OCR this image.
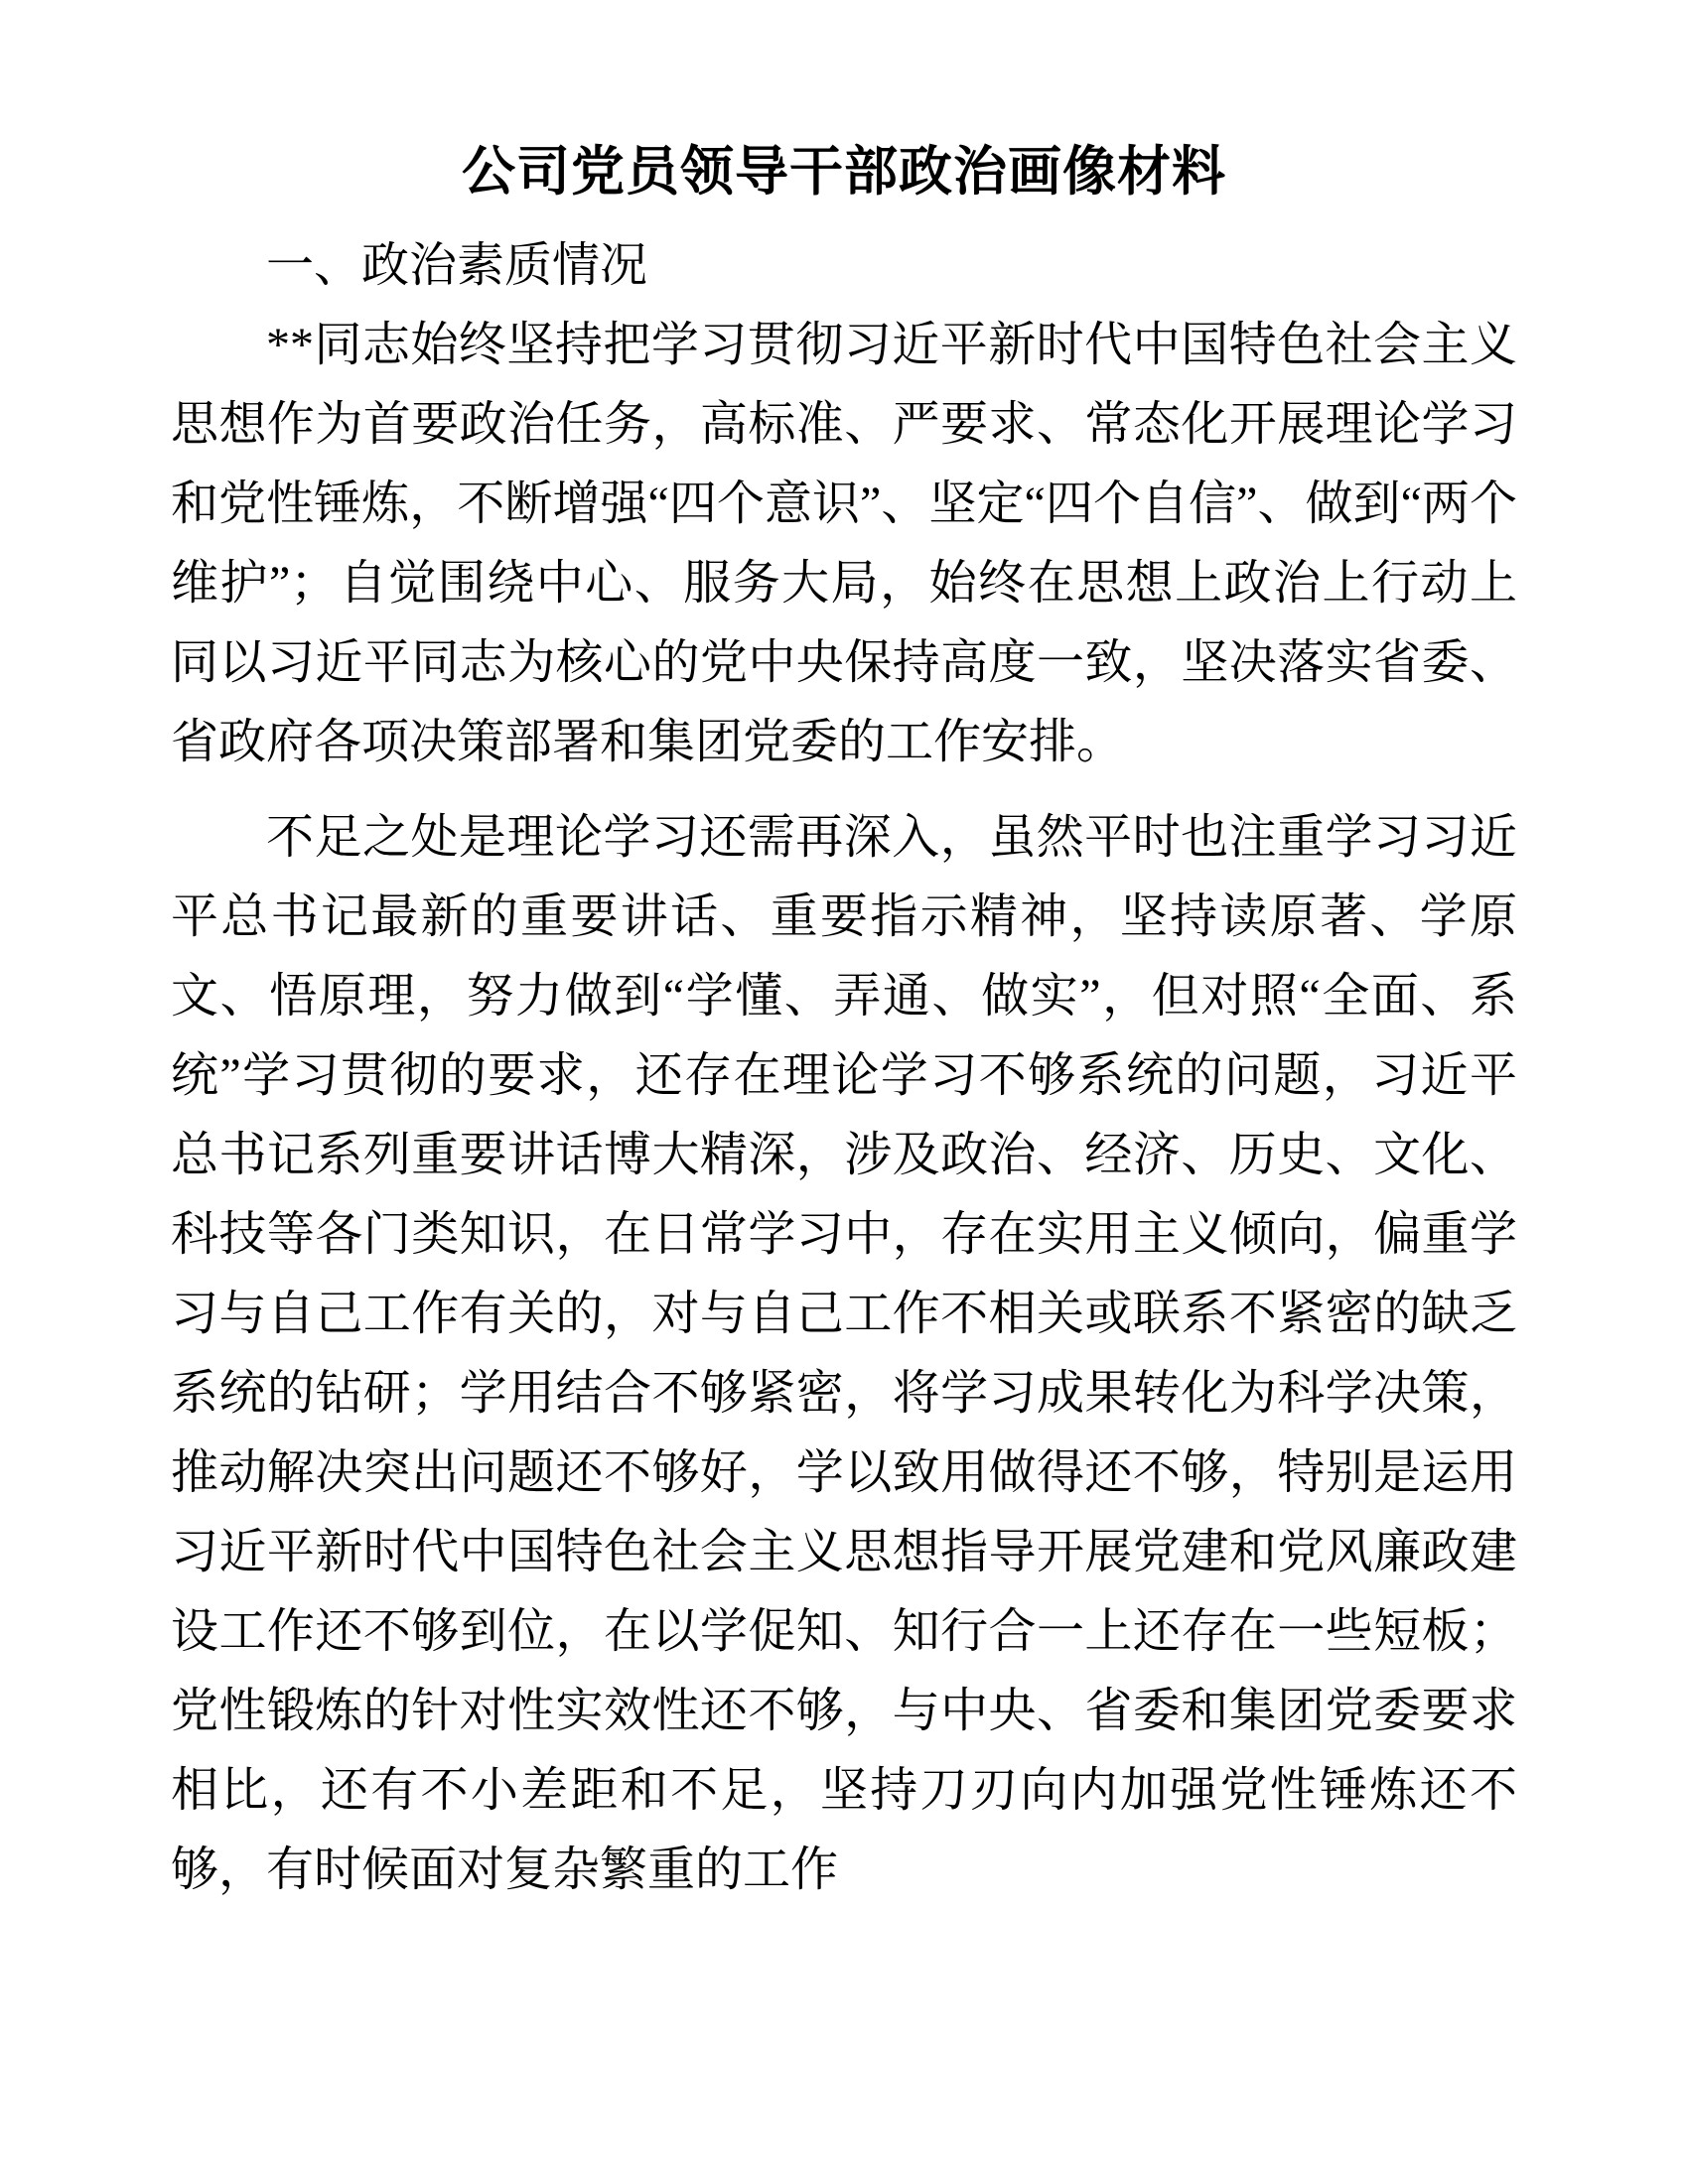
公司党员领导干部政治画像材料
一、政治素质情况

**同志始终坚持把学习贯彻习近平新时代中国特色社会主义思想作为首要政治任务，高标准、严要求、常态化开展理论学习和党性锤炼，不断增强“四个意识”、坚定“四个自信”、做到“两个维护”；自觉围绕中心、服务大局，始终在思想上政治上行动上同以习近平同志为核心的党中央保持高度一致，坚决落实省委、省政府各项决策部署和集团党委的工作安排。

不足之处是理论学习还需再深入，虽然平时也注重学习习近平总书记最新的重要讲话、重要指示精神，坚持读原著、学原文、悟原理，努力做到“学懂、弄通、做实”，但对照“全面、系统”学习贯彻的要求，还存在理论学习不够系统的问题，习近平总书记系列重要讲话博大精深，涉及政治、经济、历史、文化、科技等各门类知识，在日常学习中，存在实用主义倾向，偏重学习与自己工作有关的，对与自己工作不相关或联系不紧密的缺乏系统的钻研；学用结合不够紧密，将学习成果转化为科学决策，推动解决突出问题还不够好，学以致用做得还不够，特别是运用习近平新时代中国特色社会主义思想指导开展党建和党风廉政建设工作还不够到位，在以学促知、知行合一上还存在一些短板；党性锻炼的针对性实效性还不够，与中央、省委和集团党委要求相比，还有不小差距和不足，坚持刀刃向内加强党性锤炼还不够，有时候面对复杂繁重的工作
